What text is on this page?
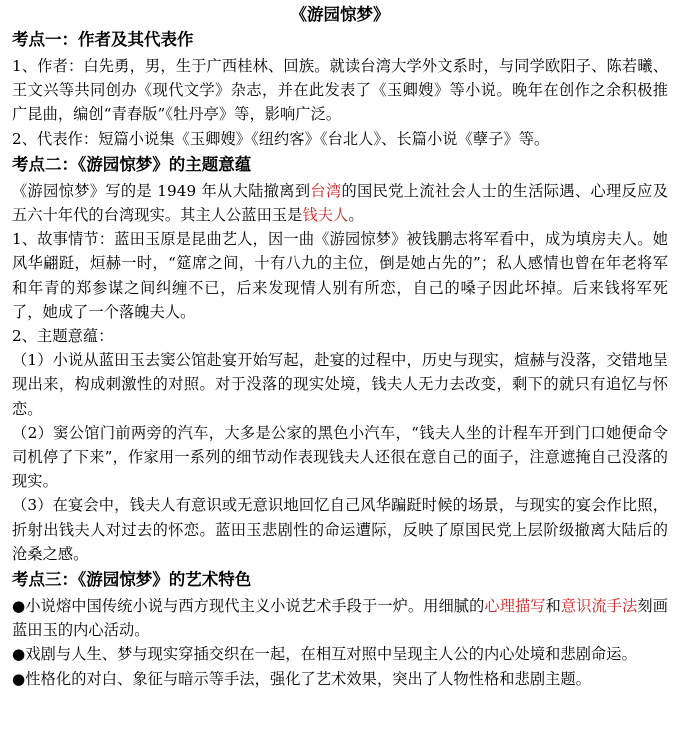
《游园惊梦》
考点一：作者及其代表作

1、作者：白先勇，男，生于广西桂林、回族。就读台湾大学外文系时，与同学欧阳子、陈若曦、王文兴等共同创办《现代文学》杂志，并在此发表了《玉卿嫂》等小说。晚年在创作之余积极推广昆曲，编创“青春版”《牡丹亭》等，影响广泛。

2、代表作：短篇小说集《玉卿嫂》《纽约客》《台北人》、长篇小说《孽子》等。

考点二：《游园惊梦》的主题意蕴

《游园惊梦》写的是 1949 年从大陆撤离到台湾的国民党上流社会人士的生活际遇、心理反应及五六十年代的台湾现实。其主人公蓝田玉是钱夫人。

1、故事情节：蓝田玉原是昆曲艺人，因一曲《游园惊梦》被钱鹏志将军看中，成为填房夫人。她风华翩跹，烜赫一时，“筵席之间，十有八九的主位，倒是她占先的”；私人感情也曾在年老将军和年青的郑参谋之间纠缠不已，后来发现情人别有所恋，自己的嗓子因此坏掉。后来钱将军死了，她成了一个落魄夫人。

2、主题意蕴：

（1）小说从蓝田玉去窦公馆赴宴开始写起，赴宴的过程中，历史与现实，煊赫与没落，交错地呈现出来，构成刺激性的对照。对于没落的现实处境，钱夫人无力去改变，剩下的就只有追忆与怀恋。

（2）窦公馆门前两旁的汽车，大多是公家的黑色小汽车，“钱夫人坐的计程车开到门口她便命令司机停了下来”，作家用一系列的细节动作表现钱夫人还很在意自己的面子，注意遮掩自己没落的现实。

（3）在宴会中，钱夫人有意识或无意识地回忆自己风华蹁跹时候的场景，与现实的宴会作比照，折射出钱夫人对过去的怀恋。蓝田玉悲剧性的命运遭际，反映了原国民党上层阶级撤离大陆后的沧桑之感。

考点三：《游园惊梦》的艺术特色

●小说熔中国传统小说与西方现代主义小说艺术手段于一炉。用细腻的心理描写和意识流手法刻画蓝田玉的内心活动。

●戏剧与人生、梦与现实穿插交织在一起，在相互对照中呈现主人公的内心处境和悲剧命运。

●性格化的对白、象征与暗示等手法，强化了艺术效果，突出了人物性格和悲剧主题。
